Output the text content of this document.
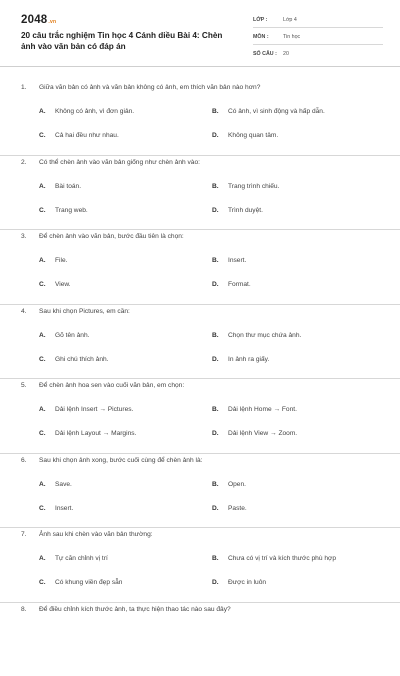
2048.vn
20 câu trắc nghiệm Tin học 4 Cánh diều Bài 4: Chèn ảnh vào văn bản có đáp án
LỚP :	Lớp 4
MÔN :	Tin học
SỐ CÂU :	20
1. Giữa văn bản có ảnh và văn bản không có ảnh, em thích văn bản nào hơn?
A.	Không có ảnh, vì đơn giản.	B.	Có ảnh, vì sinh động và hấp dẫn.
C.	Cả hai đều như nhau.	D.	Không quan tâm.
2. Có thể chèn ảnh vào văn bản giống như chèn ảnh vào:
A.	Bài toán.	B.	Trang trình chiếu.
C.	Trang web.	D.	Trình duyệt.
3. Để chèn ảnh vào văn bản, bước đầu tiên là chọn:
A.	File.	B.	Insert.
C.	View.	D.	Format.
4. Sau khi chọn Pictures, em cần:
A.	Gõ tên ảnh.	B.	Chọn thư mục chứa ảnh.
C.	Ghi chú thích ảnh.	D.	In ảnh ra giấy.
5. Để chèn ảnh hoa sen vào cuối văn bản, em chọn:
A.	Dải lệnh Insert → Pictures.	B.	Dải lệnh Home → Font.
C.	Dải lệnh Layout → Margins.	D.	Dải lệnh View → Zoom.
6. Sau khi chọn ảnh xong, bước cuối cùng để chèn ảnh là:
A.	Save.	B.	Open.
C.	Insert.	D.	Paste.
7. Ảnh sau khi chèn vào văn bản thường:
A.	Tự căn chỉnh vị trí	B.	Chưa có vị trí và kích thước phù hợp
C.	Có khung viền đẹp sẵn	D.	Được in luôn
8. Để điều chỉnh kích thước ảnh, ta thực hiện thao tác nào sau đây?
